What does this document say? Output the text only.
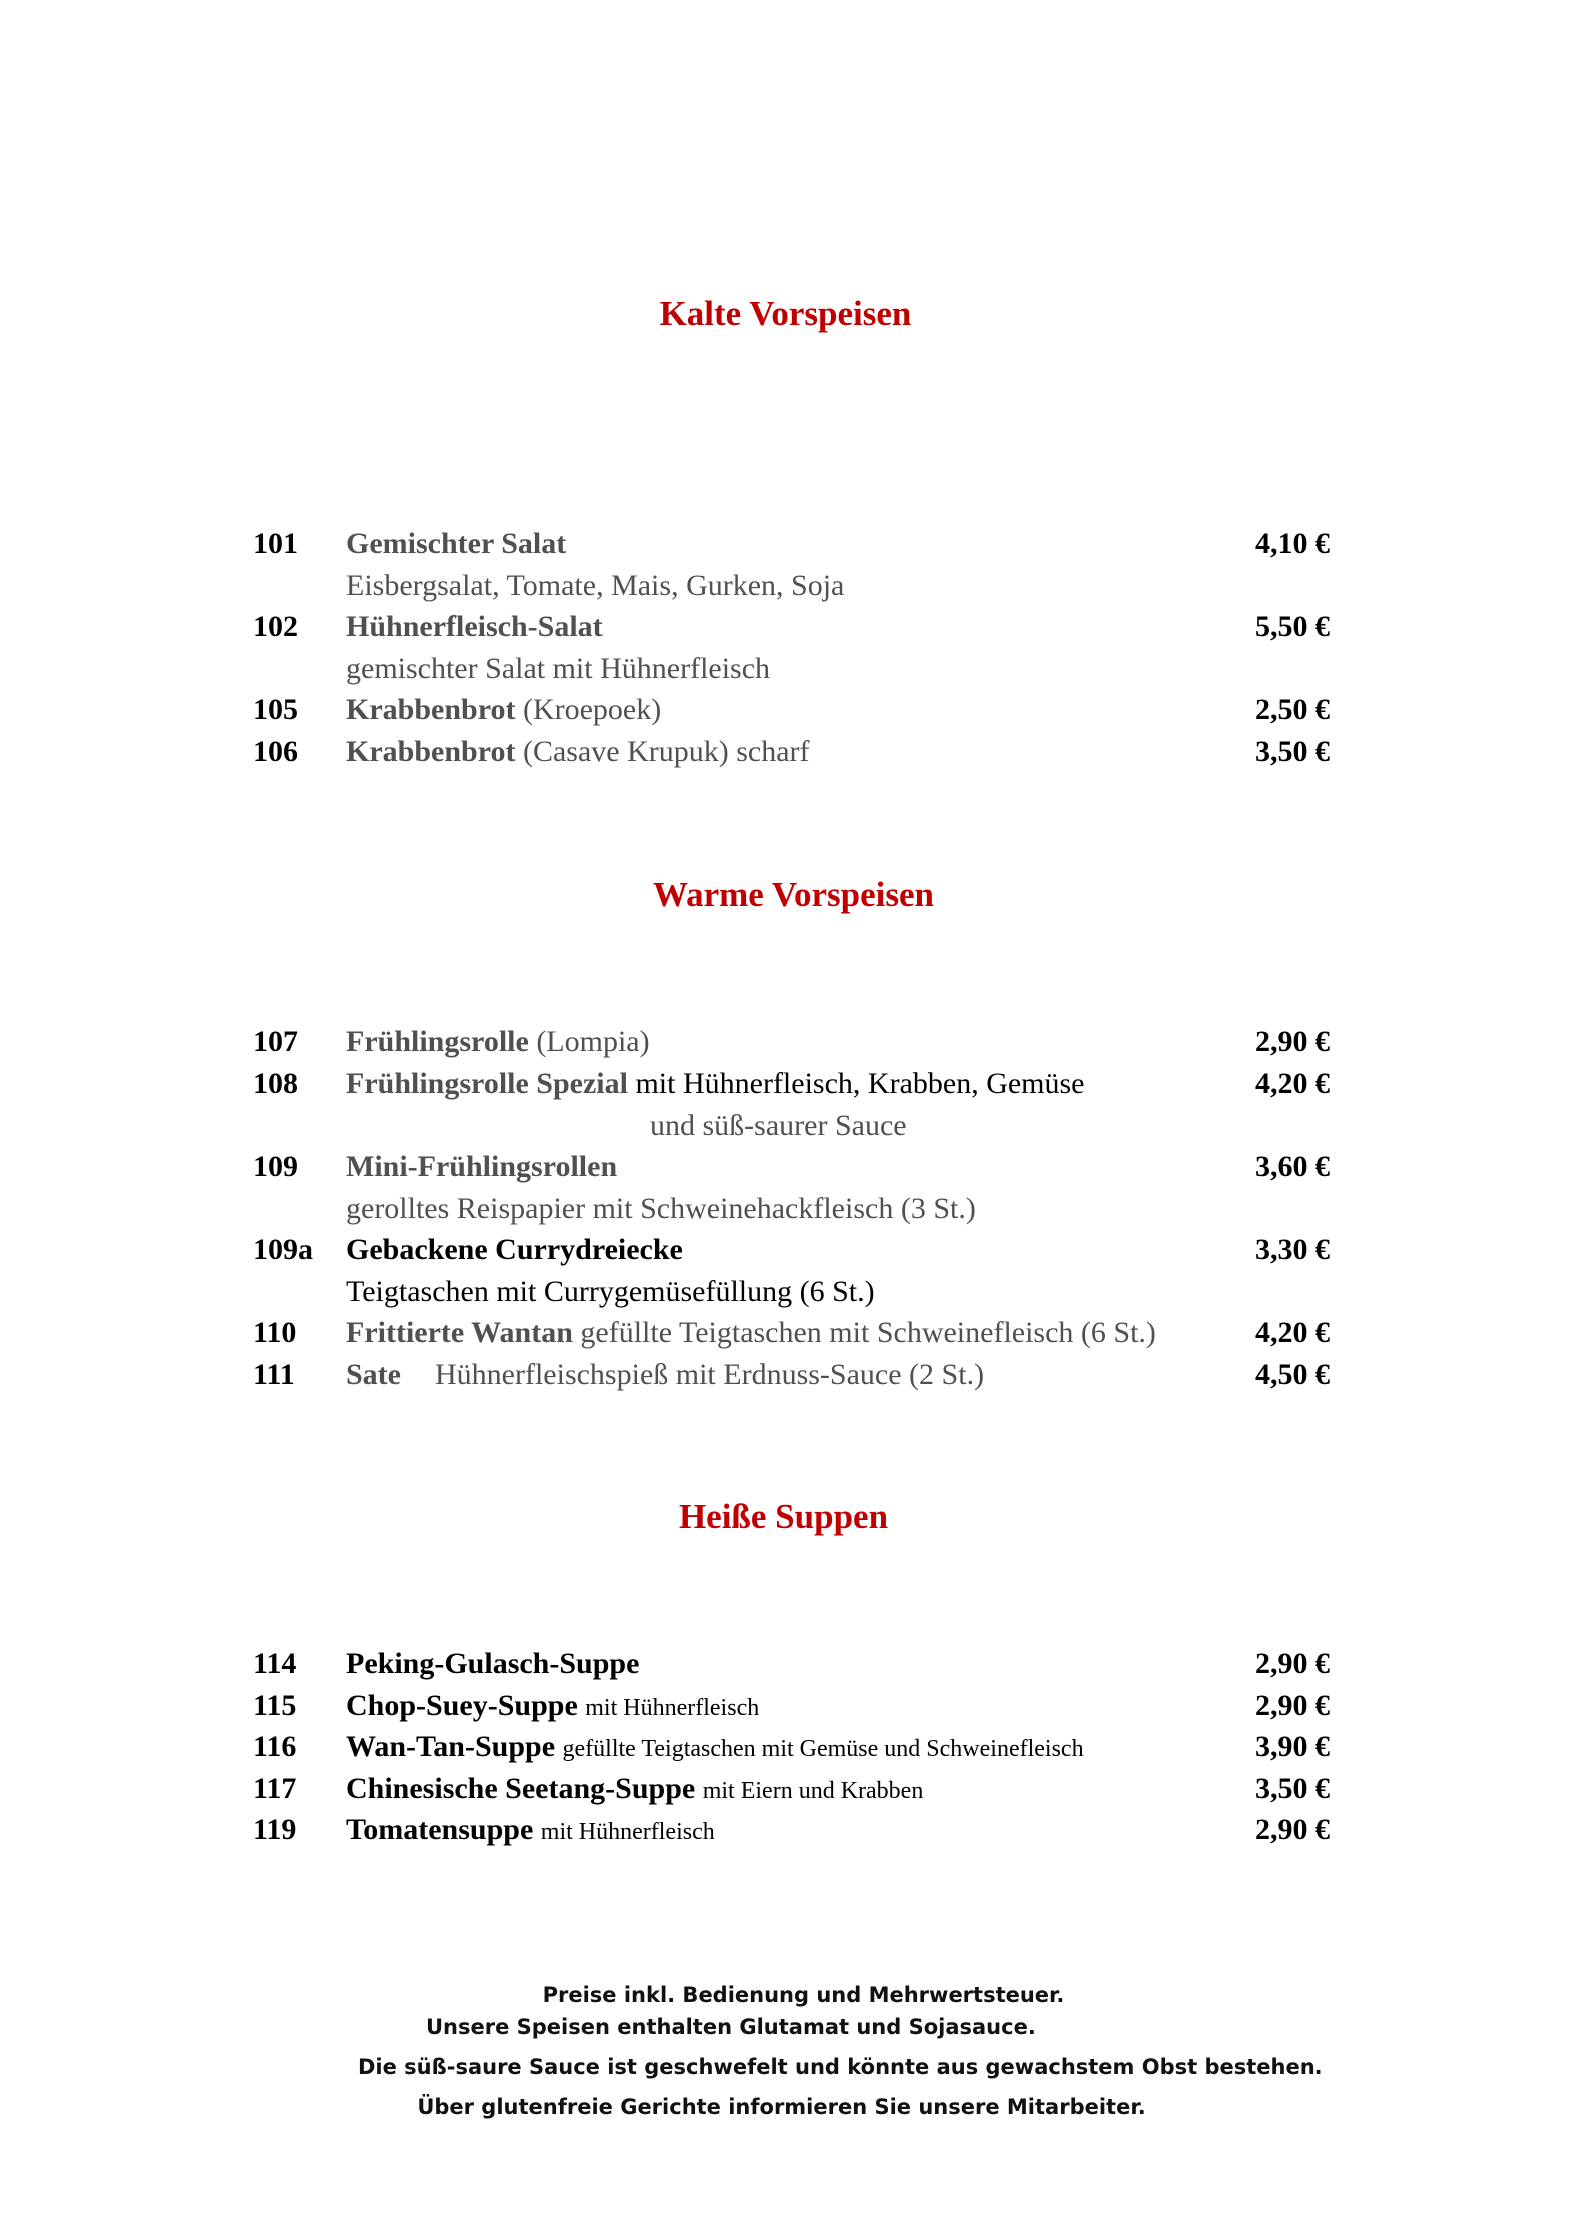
Kalte Vorspeisen
101 Gemischter Salat	4,10 €
Eisbergsalat, Tomate, Mais, Gurken, Soja
102 Hühnerfleisch-Salat	5,50 €
gemischter Salat mit Hühnerfleisch
105 Krabbenbrot (Kroepoek)	2,50 €
106 Krabbenbrot (Casave Krupuk) scharf	3,50 €
Warme Vorspeisen
107 Frühlingsrolle (Lompia)	2,90 €
108 Frühlingsrolle Spezial mit Hühnerfleisch, Krabben, Gemüse	4,20 €
und süß-saurer Sauce
109 Mini-Frühlingsrollen	3,60 €
gerolltes Reispapier mit Schweinehackfleisch (3 St.)
109a Gebackene Currydreiecke	3,30 €
Teigtaschen mit Currygemüsefüllung (6 St.)
110 Frittierte Wantan gefüllte Teigtaschen mit Schweinefleisch (6 St.)	4,20 €
111 Sate Hühnerfleischspieß mit Erdnuss-Sauce (2 St.)	4,50 €
Heiße Suppen
114 Peking-Gulasch-Suppe	2,90 €
115 Chop-Suey-Suppe mit Hühnerfleisch	2,90 €
116 Wan-Tan-Suppe gefüllte Teigtaschen mit Gemüse und Schweinefleisch	3,90 €
117 Chinesische Seetang-Suppe mit Eiern und Krabben	3,50 €
119 Tomatensuppe mit Hühnerfleisch	2,90 €
Preise inkl. Bedienung und Mehrwertsteuer.
Unsere Speisen enthalten Glutamat und Sojasauce.
Die süß-saure Sauce ist geschwefelt und könnte aus gewachstem Obst bestehen.
Über glutenfreie Gerichte informieren Sie unsere Mitarbeiter.
